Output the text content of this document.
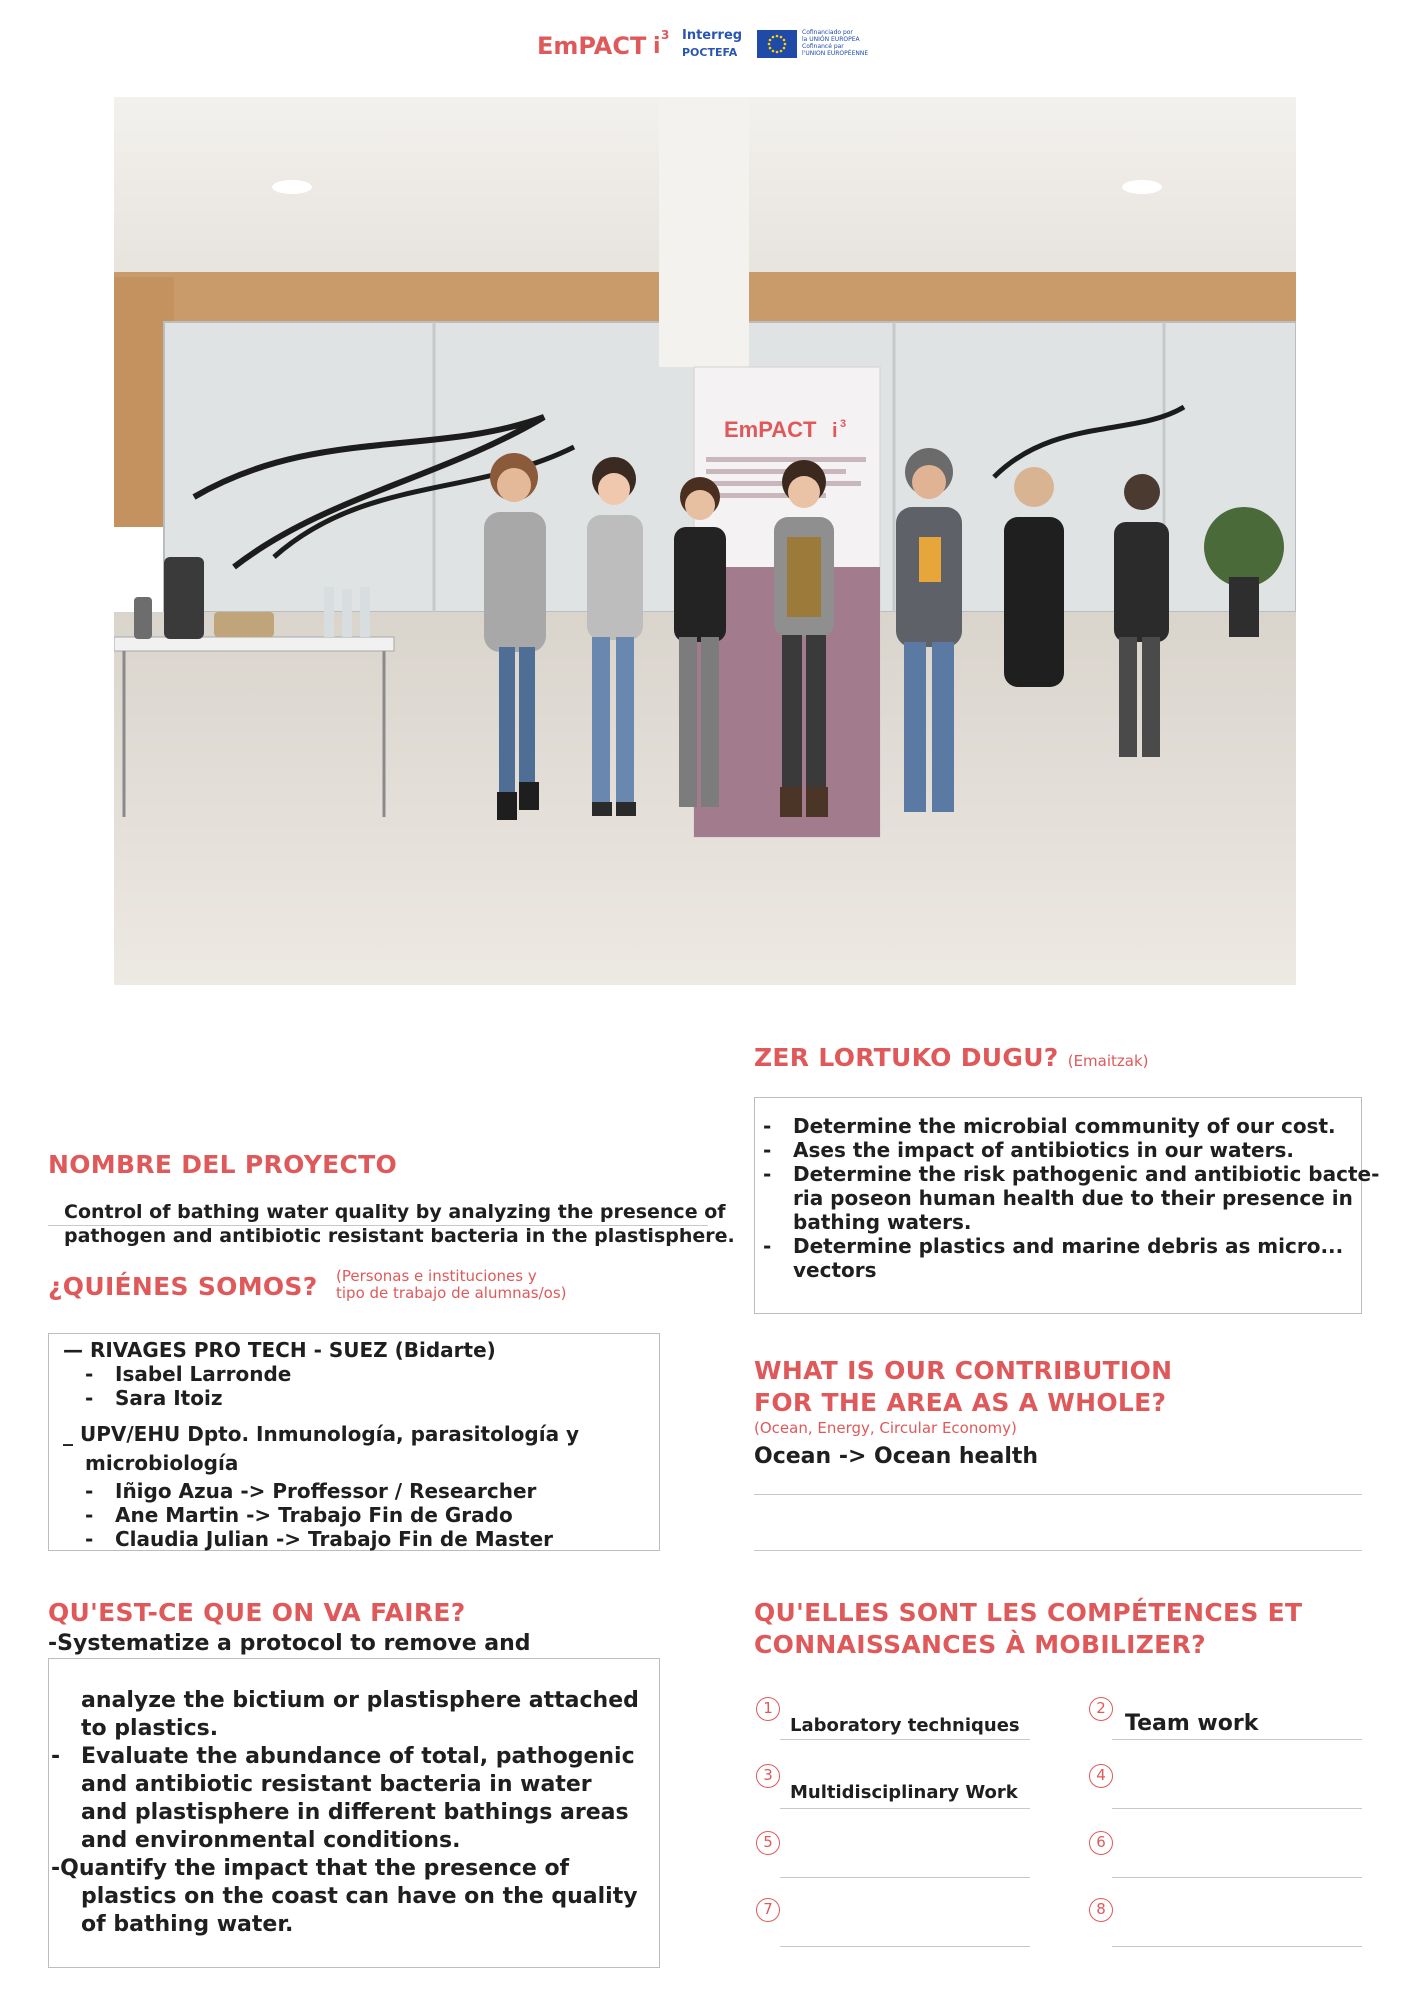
EmPACT i 3 Interreg
POCTEFA
Cofinanciado por
la UNIÓN EUROPEA
Cofinancé par
l'UNION EUROPÉENNE
EmPACT i 3
ZER LORTUKO DUGU? (Emaitzak)
- Determine the microbial community of our cost.
- Ases the impact of antibiotics in our waters.
- Determine the risk pathogenic and antibiotic bacte-
ria poseon human health due to their presence in
bathing waters.
- Determine plastics and marine debris as micro...
vectors
NOMBRE DEL PROYECTO
Control of bathing water quality by analyzing the presence of
pathogen and antibiotic resistant bacteria in the plastisphere.
¿QUIÉNES SOMOS? (Personas e instituciones y
tipo de trabajo de alumnas/os)
— RIVAGES PRO TECH - SUEZ (Bidarte)
- Isabel Larronde
- Sara Itoiz
_ UPV/EHU Dpto. Inmunología, parasitología y
microbiología
- Iñigo Azua -> Proffessor / Researcher
- Ane Martin -> Trabajo Fin de Grado
- Claudia Julian -> Trabajo Fin de Master
WHAT IS OUR CONTRIBUTION
FOR THE AREA AS A WHOLE?
(Ocean, Energy, Circular Economy)
Ocean -> Ocean health
QU'EST-CE QUE ON VA FAIRE?
-Systematize a protocol to remove and
analyze the bictium or plastisphere attached
to plastics.
- Evaluate the abundance of total, pathogenic
and antibiotic resistant bacteria in water
and plastisphere in different bathings areas
and environmental conditions.
-Quantify the impact that the presence of
plastics on the coast can have on the quality
of bathing water.
QU'ELLES SONT LES COMPÉTENCES ET
CONNAISSANCES À MOBILIZER?
1
Laboratory techniques
2
Team work
3
Multidisciplinary Work
4
5	6
7	8
